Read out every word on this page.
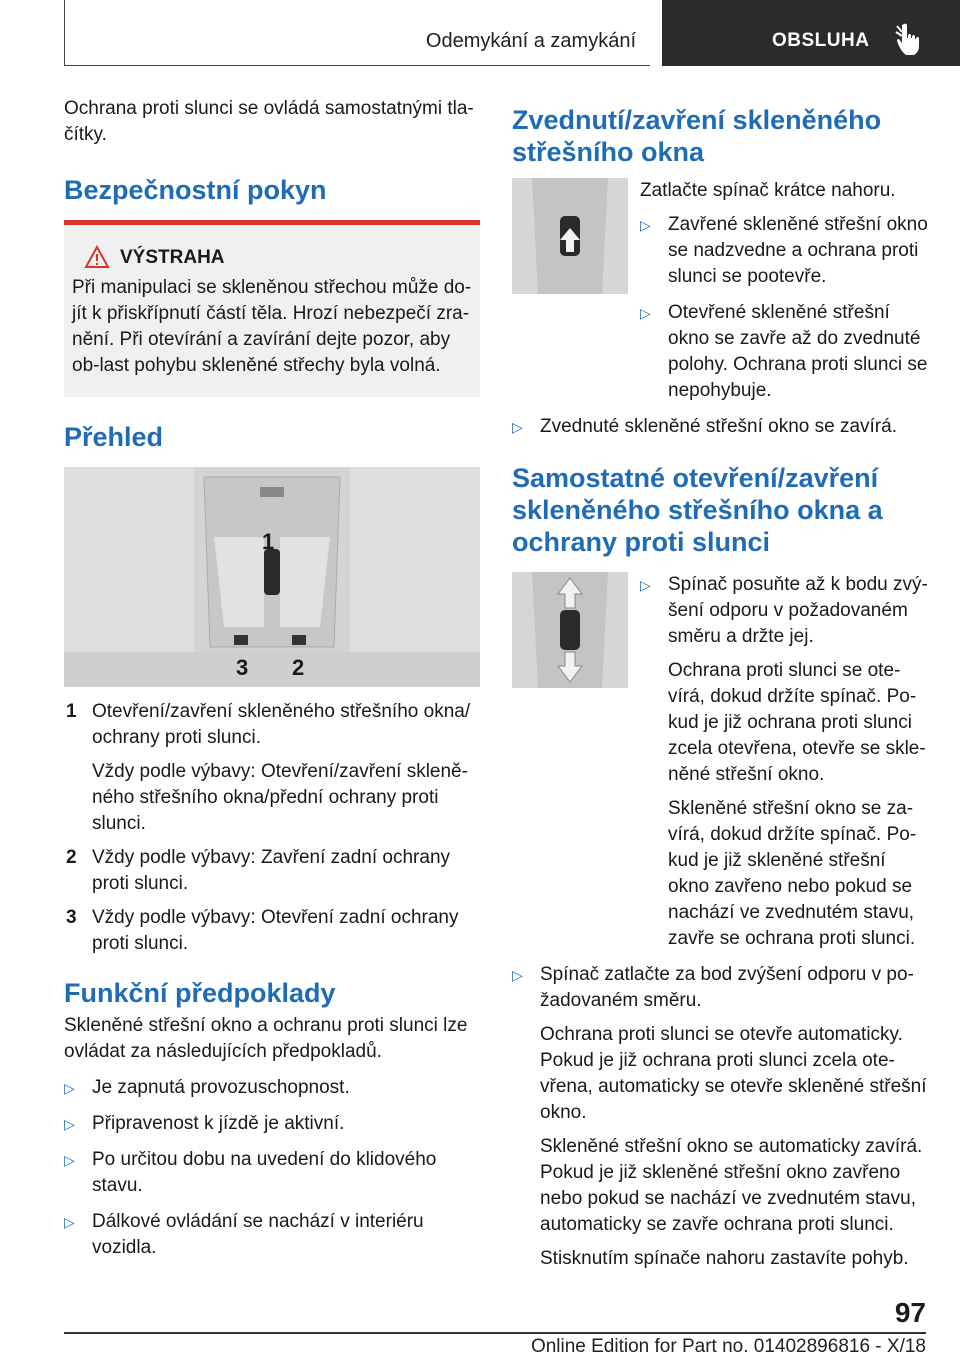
Odemykání a zamykání	OBSLUHA

Ochrana proti slunci se ovládá samostatnými tla-čítky.

Bezpečnostní pokyn
VÝSTRAHA

Při manipulaci se skleněnou střechou může do-jít k přiskřípnutí částí těla. Hrozí nebezpečí zra-nění. Při otevírání a zavírání dejte pozor, aby ob-last pohybu skleněné střechy byla volná.

Přehled
1
3 2
1 Otevření/zavření skleněného střešního okna/ ochrany proti slunci.
Vždy podle výbavy: Otevření/zavření sklenĕ-ného střešního okna/přední ochrany proti slunci.
2 Vždy podle výbavy: Zavření zadní ochrany proti slunci.
3 Vždy podle výbavy: Otevření zadní ochrany proti slunci.
Funkční předpoklady

Skleněné střešní okno a ochranu proti slunci lze ovládat za následujících předpokladů.

▷ Je zapnutá provozuschopnost.
▷ Připravenost k jízdě je aktivní.
▷ Po určitou dobu na uvedení do klidového stavu.
▷ Dálkové ovládání se nachází v interiéru vozidla.
Zvednutí/zavření skleněného střešního okna

Zatlačte spínač krátce nahoru.

▷ Zavřené skleněné střešní okno se nadzvedne a ochrana proti slunci se pootevře.
▷ Otevřené skleněné střešní okno se zavře až do zvednuté polohy. Ochrana proti slunci se nepohybuje.
▷ Zvednuté skleněné střešní okno se zavírá.
Samostatné otevření/zavření skleněného střešního okna a ochrany proti slunci
▷ Spínač posuňte až k bodu zvý-šení odporu v požadovaném směru a držte jej.
Ochrana proti slunci se ote-vírá, dokud držíte spínač. Po-kud je již ochrana proti slunci zcela otevřena, otevře se skle-něné střešní okno.
Skleněné střešní okno se za-vírá, dokud držíte spínač. Po-kud je již skleněné střešní okno zavřeno nebo pokud se nachází ve zvednutém stavu, zavře se ochrana proti slunci.
▷ Spínač zatlačte za bod zvýšení odporu v po-žadovaném směru.
Ochrana proti slunci se otevře automaticky. Pokud je již ochrana proti slunci zcela ote-vřena, automaticky se otevře skleněné střešní okno.
Skleněné střešní okno se automaticky zavírá. Pokud je již skleněné střešní okno zavřeno nebo pokud se nachází ve zvednutém stavu, automaticky se zavře ochrana proti slunci.
Stisknutím spínače nahoru zastavíte pohyb.
97
Online Edition for Part no. 01402896816 - X/18
